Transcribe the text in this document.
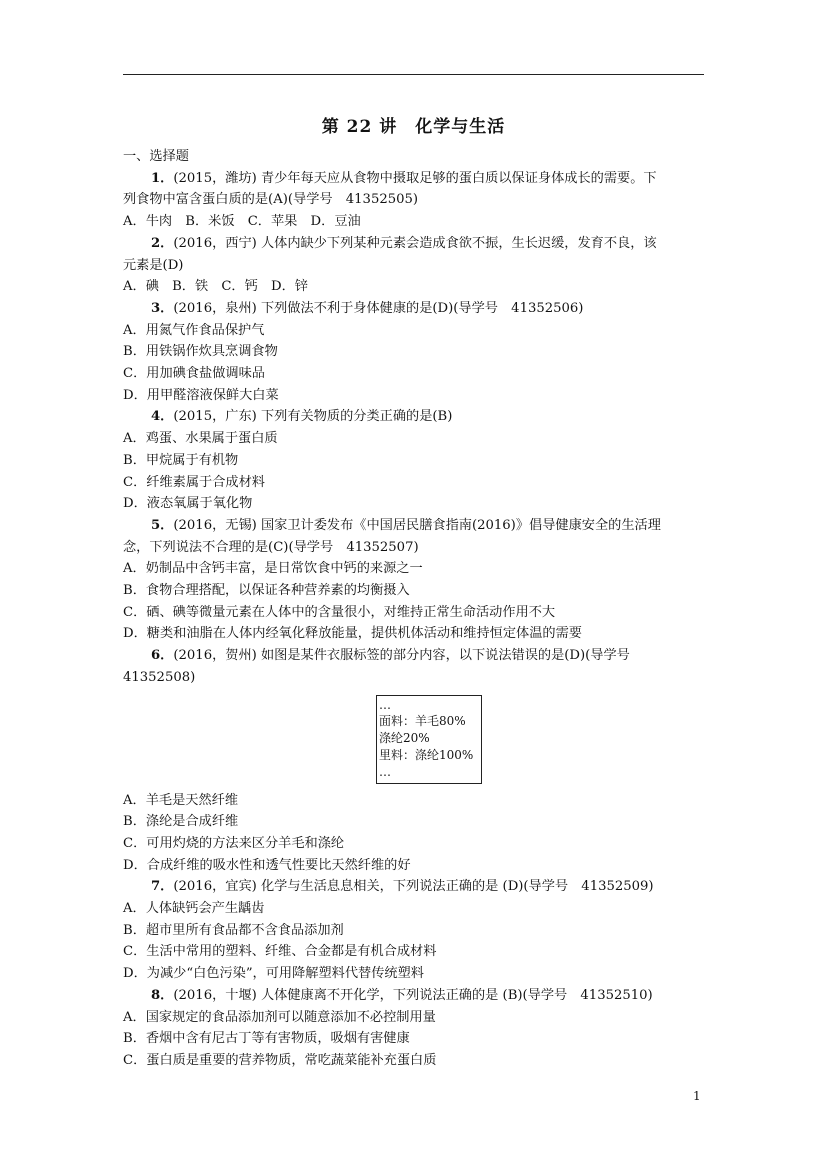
第 22 讲　化学与生活
一、选择题
1．(2015，潍坊) 青少年每天应从食物中摄取足够的蛋白质以保证身体成长的需要。下
列食物中富含蛋白质的是(A)(导学号　41352505)
A．牛肉　B．米饭　C．苹果　D．豆油
2．(2016，西宁) 人体内缺少下列某种元素会造成食欲不振，生长迟缓，发育不良，该
元素是(D)
A．碘　B．铁　C．钙　D．锌
3．(2016，泉州) 下列做法不利于身体健康的是(D)(导学号　41352506)
A．用氮气作食品保护气
B．用铁锅作炊具烹调食物
C．用加碘食盐做调味品
D．用甲醛溶液保鲜大白菜
4．(2015，广东) 下列有关物质的分类正确的是(B)
A．鸡蛋、水果属于蛋白质
B．甲烷属于有机物
C．纤维素属于合成材料
D．液态氧属于氧化物
5．(2016，无锡) 国家卫计委发布《中国居民膳食指南(2016)》倡导健康安全的生活理
念，下列说法不合理的是(C)(导学号　41352507)
A．奶制品中含钙丰富，是日常饮食中钙的来源之一
B．食物合理搭配，以保证各种营养素的均衡摄入
C．硒、碘等微量元素在人体中的含量很小，对维持正常生命活动作用不大
D．糖类和油脂在人体内经氧化释放能量，提供机体活动和维持恒定体温的需要
6．(2016，贺州) 如图是某件衣服标签的部分内容，以下说法错误的是(D)(导学号
41352508)
…
面料：羊毛80%
涤纶20%
里料：涤纶100%
…
A．羊毛是天然纤维
B．涤纶是合成纤维
C．可用灼烧的方法来区分羊毛和涤纶
D．合成纤维的吸水性和透气性要比天然纤维的好
7．(2016，宜宾) 化学与生活息息相关，下列说法正确的是 (D)(导学号　41352509)
A．人体缺钙会产生龋齿
B．超市里所有食品都不含食品添加剂
C．生活中常用的塑料、纤维、合金都是有机合成材料
D．为减少“白色污染”，可用降解塑料代替传统塑料
8．(2016，十堰) 人体健康离不开化学，下列说法正确的是 (B)(导学号　41352510)
A．国家规定的食品添加剂可以随意添加不必控制用量
B．香烟中含有尼古丁等有害物质，吸烟有害健康
C．蛋白质是重要的营养物质，常吃蔬菜能补充蛋白质
1
